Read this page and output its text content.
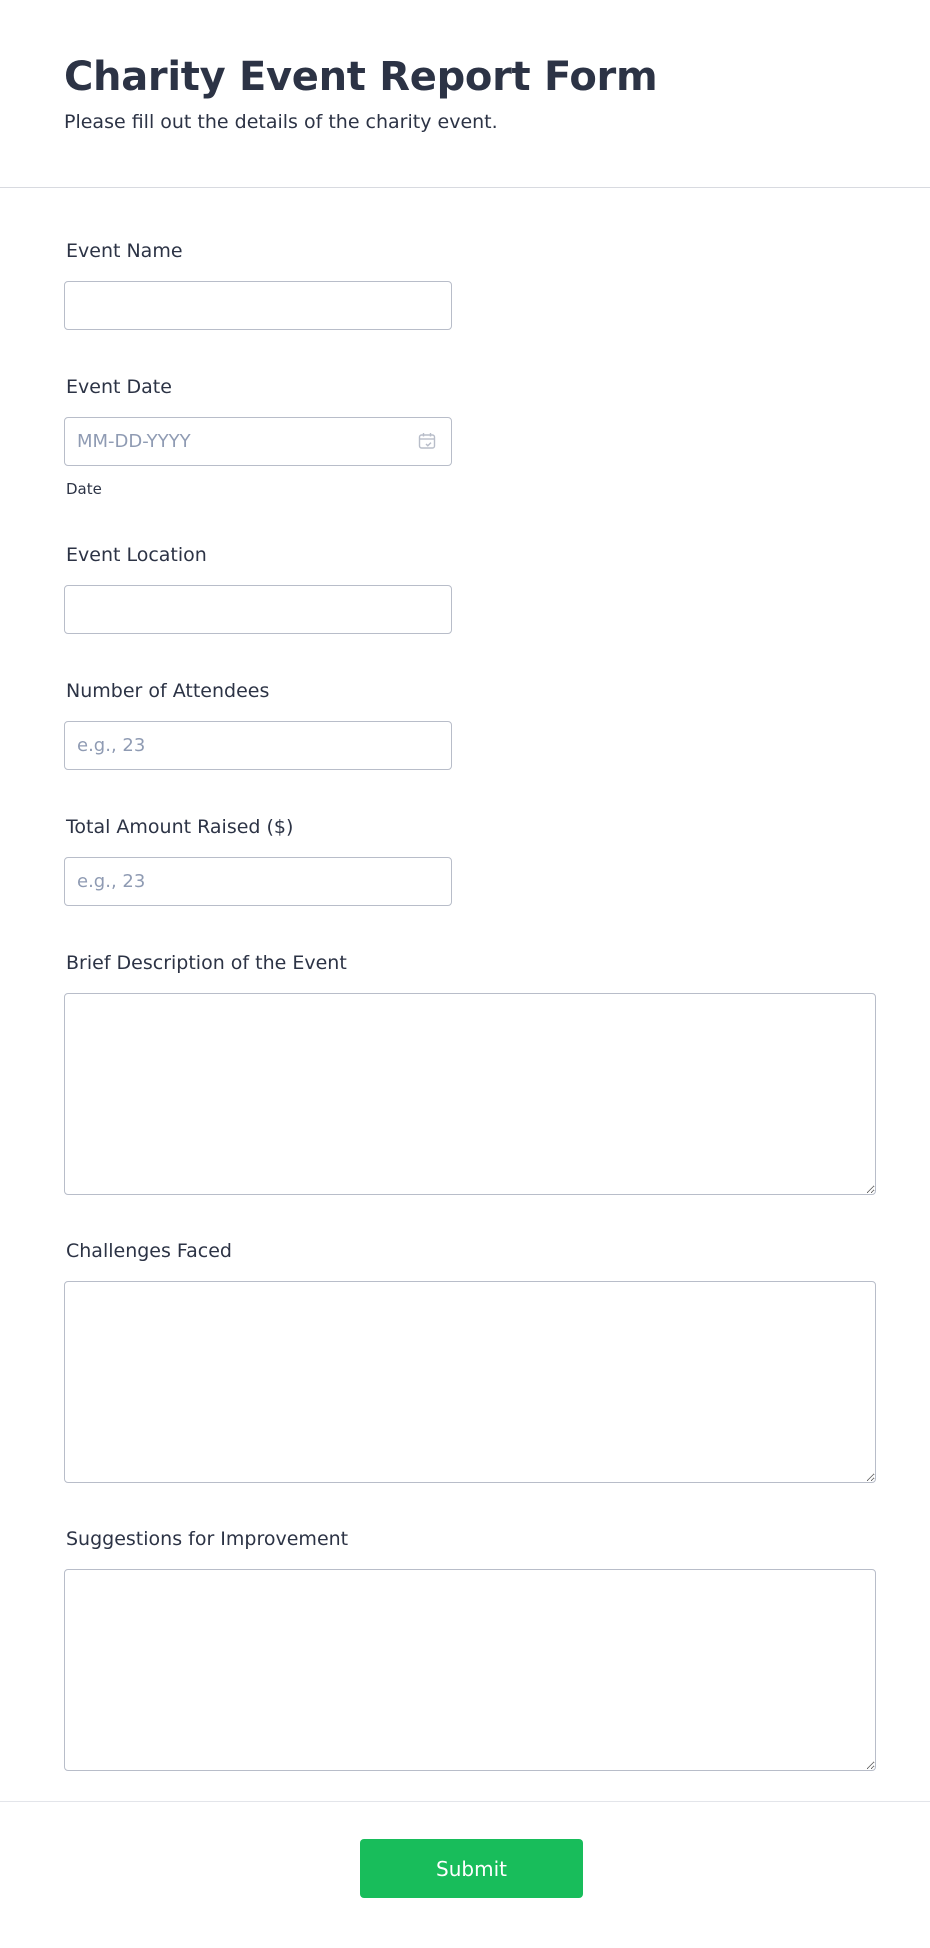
Charity Event Report Form

Please fill out the details of the charity event.

Event Name
Event Date
MM-DD-YYYY
Date
Event Location
Number of Attendees
e.g., 23
Total Amount Raised ($)
e.g., 23
Brief Description of the Event
Challenges Faced
Suggestions for Improvement
Submit
